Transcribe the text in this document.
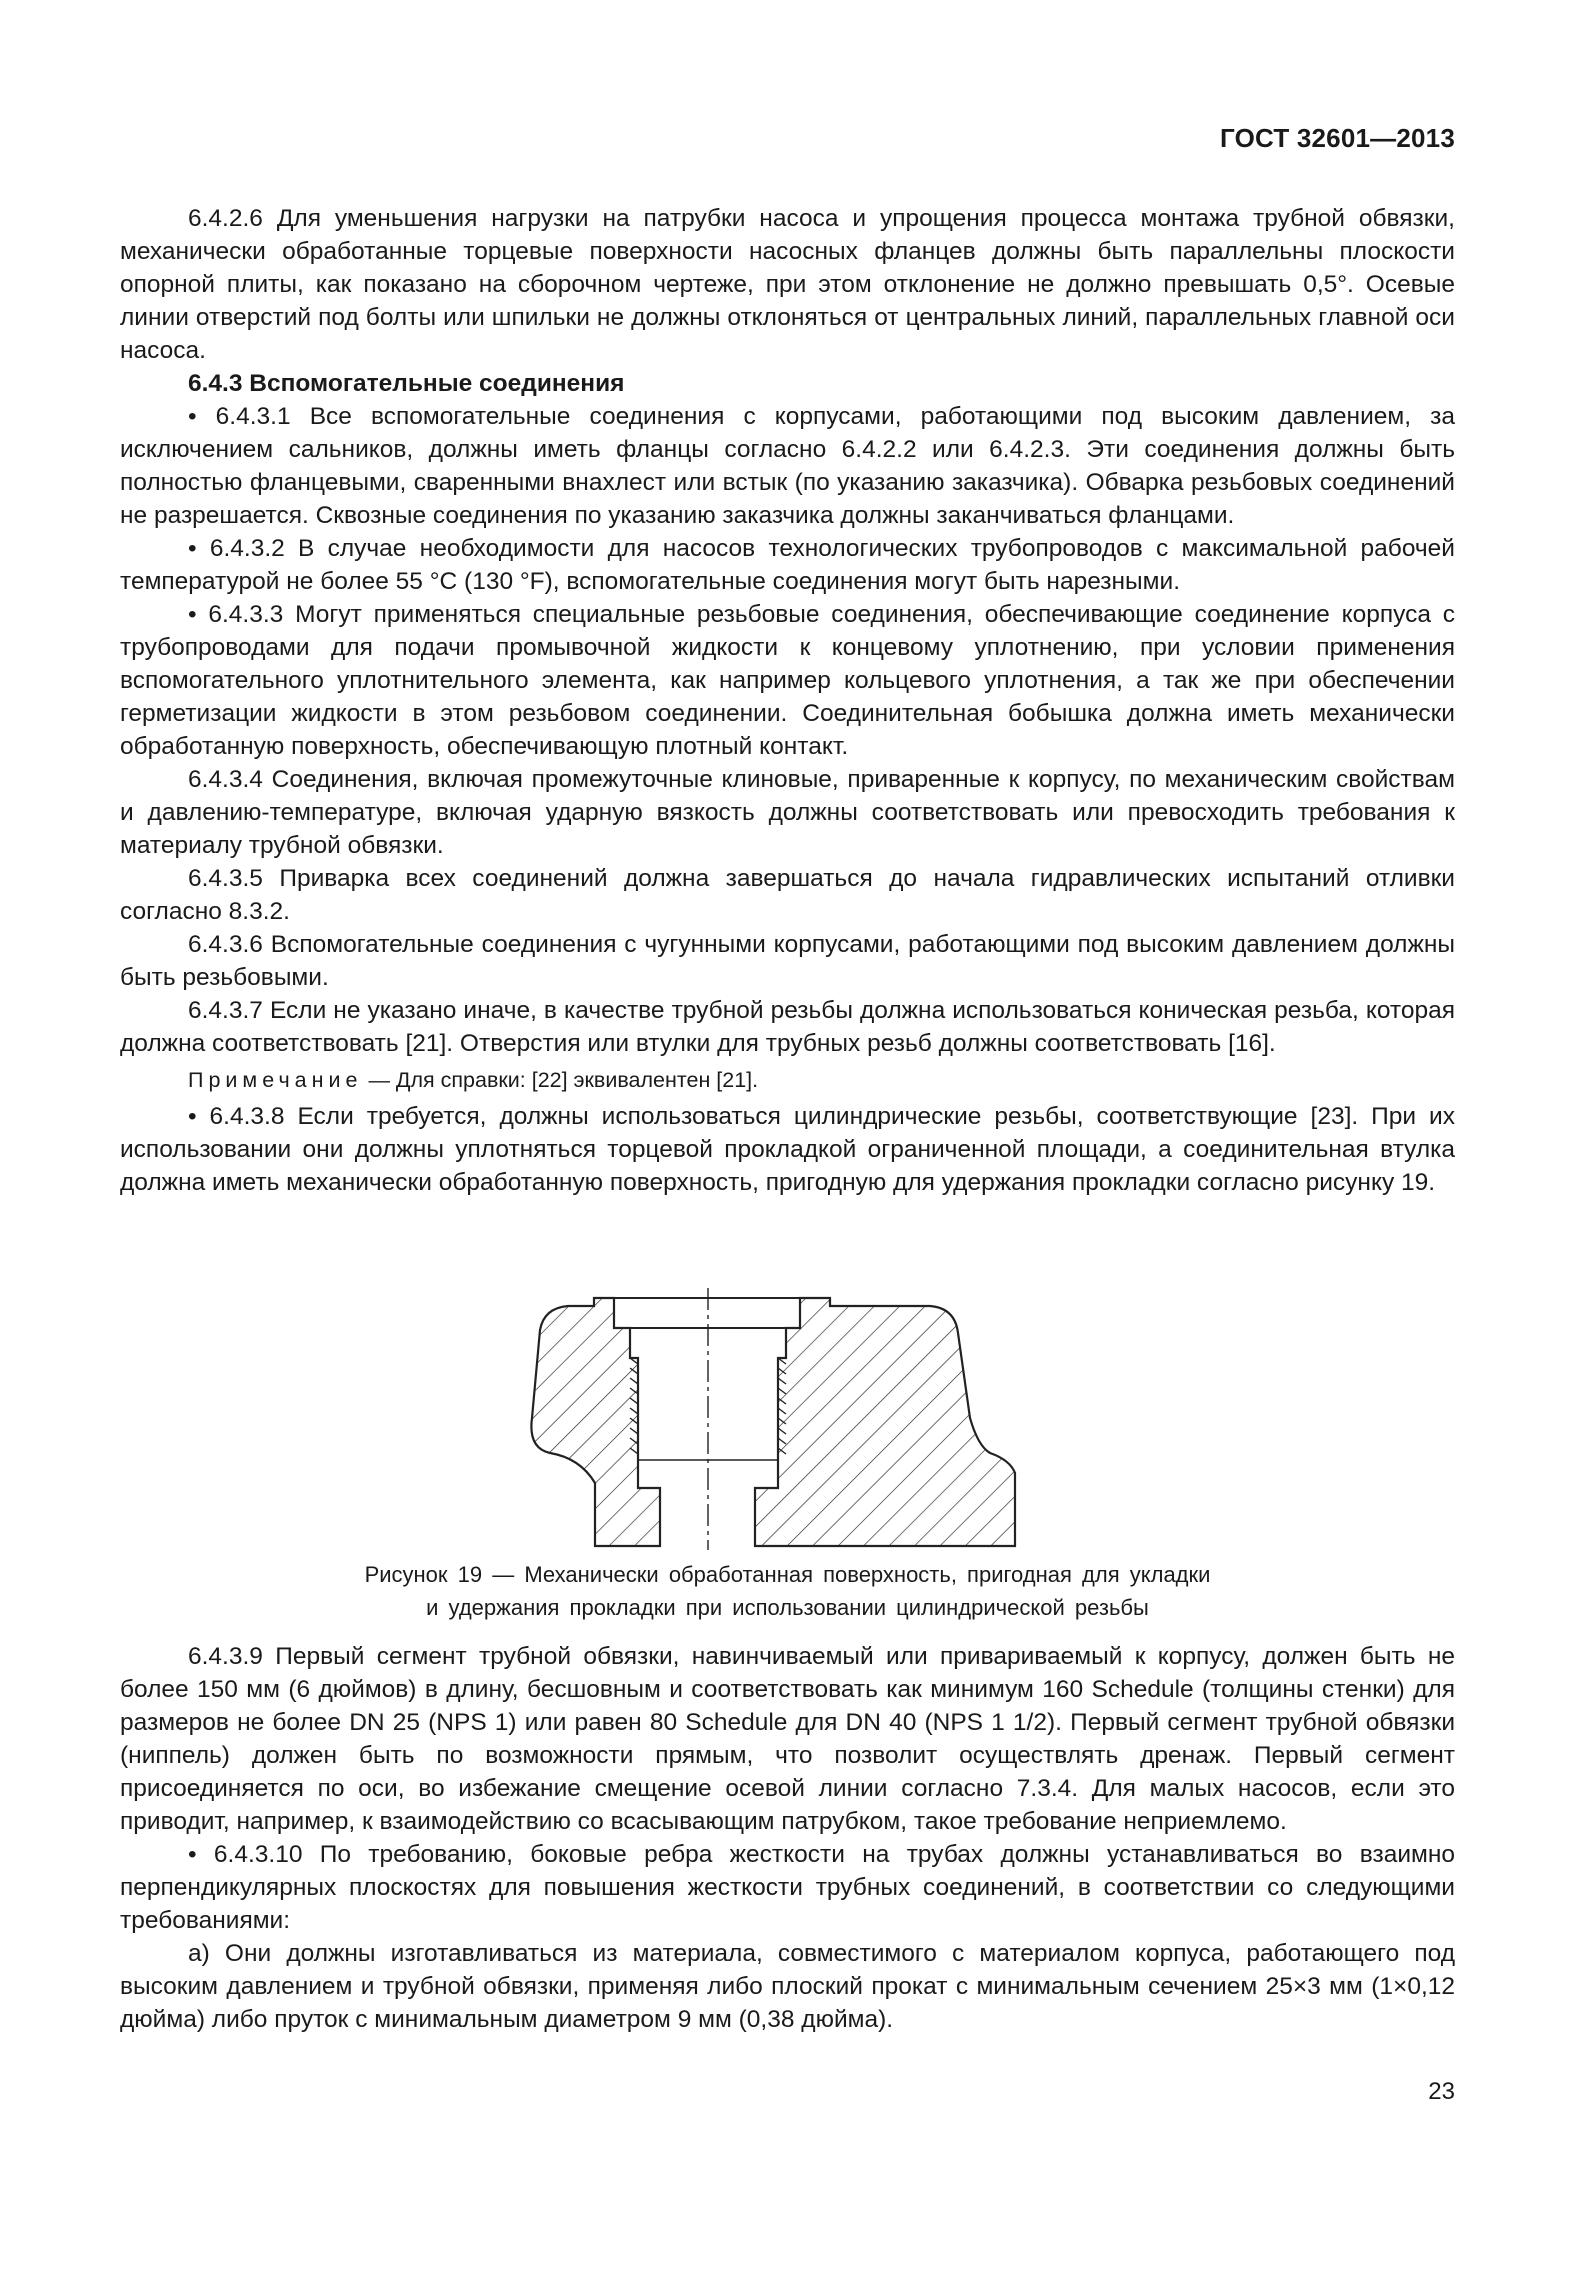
ГОСТ 32601—2013

6.4.2.6 Для уменьшения нагрузки на патрубки насоса и упрощения процесса монтажа трубной обвязки, механически обработанные торцевые поверхности насосных фланцев должны быть параллельны плоскости опорной плиты, как показано на сборочном чертеже, при этом отклонение не должно превышать 0,5°. Осевые линии отверстий под болты или шпильки не должны отклоняться от центральных линий, параллельных главной оси насоса.

6.4.3 Вспомогательные соединения

• 6.4.3.1 Все вспомогательные соединения с корпусами, работающими под высоким давлением, за исключением сальников, должны иметь фланцы согласно 6.4.2.2 или 6.4.2.3. Эти соединения должны быть полностью фланцевыми, сваренными внахлест или встык (по указанию заказчика). Обварка резьбовых соединений не разрешается. Сквозные соединения по указанию заказчика должны заканчиваться фланцами.

• 6.4.3.2 В случае необходимости для насосов технологических трубопроводов с максимальной рабочей температурой не более 55 °С (130 °F), вспомогательные соединения могут быть нарезными.

• 6.4.3.3 Могут применяться специальные резьбовые соединения, обеспечивающие соединение корпуса с трубопроводами для подачи промывочной жидкости к концевому уплотнению, при условии применения вспомогательного уплотнительного элемента, как например кольцевого уплотнения, а так же при обеспечении герметизации жидкости в этом резьбовом соединении. Соединительная бобышка должна иметь механически обработанную поверхность, обеспечивающую плотный контакт.

6.4.3.4 Соединения, включая промежуточные клиновые, приваренные к корпусу, по механическим свойствам и давлению-температуре, включая ударную вязкость должны соответствовать или превосходить требования к материалу трубной обвязки.

6.4.3.5 Приварка всех соединений должна завершаться до начала гидравлических испытаний отливки согласно 8.3.2.

6.4.3.6 Вспомогательные соединения с чугунными корпусами, работающими под высоким давлением должны быть резьбовыми.

6.4.3.7 Если не указано иначе, в качестве трубной резьбы должна использоваться коническая резьба, которая должна соответствовать [21]. Отверстия или втулки для трубных резьб должны соответствовать [16].

Примечание — Для справки: [22] эквивалентен [21].

• 6.4.3.8 Если требуется, должны использоваться цилиндрические резьбы, соответствующие [23]. При их использовании они должны уплотняться торцевой прокладкой ограниченной площади, а соединительная втулка должна иметь механически обработанную поверхность, пригодную для удержания прокладки согласно рисунку 19.

Рисунок 19 — Механически обработанная поверхность, пригодная для укладки
и удержания прокладки при использовании цилиндрической резьбы

6.4.3.9 Первый сегмент трубной обвязки, навинчиваемый или привариваемый к корпусу, должен быть не более 150 мм (6 дюймов) в длину, бесшовным и соответствовать как минимум 160 Schedule (толщины стенки) для размеров не более DN 25 (NPS 1) или равен 80 Schedule для DN 40 (NPS 1 1/2). Первый сегмент трубной обвязки (ниппель) должен быть по возможности прямым, что позволит осуществлять дренаж. Первый сегмент присоединяется по оси, во избежание смещение осевой линии согласно 7.3.4. Для малых насосов, если это приводит, например, к взаимодействию со всасывающим патрубком, такое требование неприемлемо.

• 6.4.3.10 По требованию, боковые ребра жесткости на трубах должны устанавливаться во взаимно перпендикулярных плоскостях для повышения жесткости трубных соединений, в соответствии со следующими требованиями:

а) Они должны изготавливаться из материала, совместимого с материалом корпуса, работающего под высоким давлением и трубной обвязки, применяя либо плоский прокат с минимальным сечением 25×3 мм (1×0,12 дюйма) либо пруток с минимальным диаметром 9 мм (0,38 дюйма).

23
